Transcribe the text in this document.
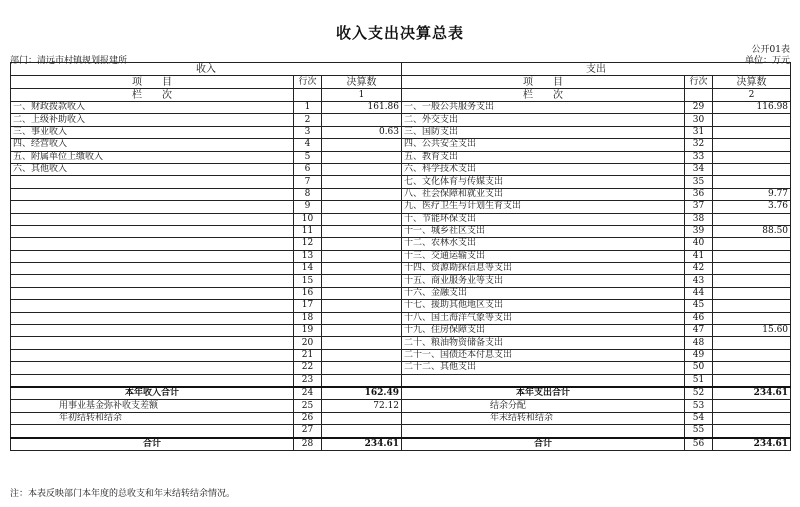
收入支出决算总表
公开01表
部门：清远市村镇规划报建所	单位：万元
收入			支出		
项　　目	行次	决算数	项　　目	行次	决算数
栏　　次		1	栏　　次		2
一、财政拨款收入	1	161.86	一、一般公共服务支出	29	116.98
二、上级补助收入	2		二、外交支出	30	
三、事业收入	3	0.63	三、国防支出	31	
四、经营收入	4		四、公共安全支出	32	
五、附属单位上缴收入	5		五、教育支出	33	
六、其他收入	6		六、科学技术支出	34	
	7		七、文化体育与传媒支出	35	
	8		八、社会保障和就业支出	36	9.77
	9		九、医疗卫生与计划生育支出	37	3.76
	10		十、节能环保支出	38	
	11		十一、城乡社区支出	39	88.50
	12		十二、农林水支出	40	
	13		十三、交通运输支出	41	
	14		十四、资源勘探信息等支出	42	
	15		十五、商业服务业等支出	43	
	16		十六、金融支出	44	
	17		十七、援助其他地区支出	45	
	18		十八、国土海洋气象等支出	46	
	19		十九、住房保障支出	47	15.60
	20		二十、粮油物资储备支出	48	
	21		二十一、国债还本付息支出	49	
	22		二十二、其他支出	50	
	23			51	
本年收入合计	24	162.49	本年支出合计	52	234.61
用事业基金弥补收支差额	25	72.12	结余分配	53	
年初结转和结余	26		年末结转和结余	54	
	27			55	
合计	28	234.61	合计	56	234.61
注：本表反映部门本年度的总收支和年末结转结余情况。
